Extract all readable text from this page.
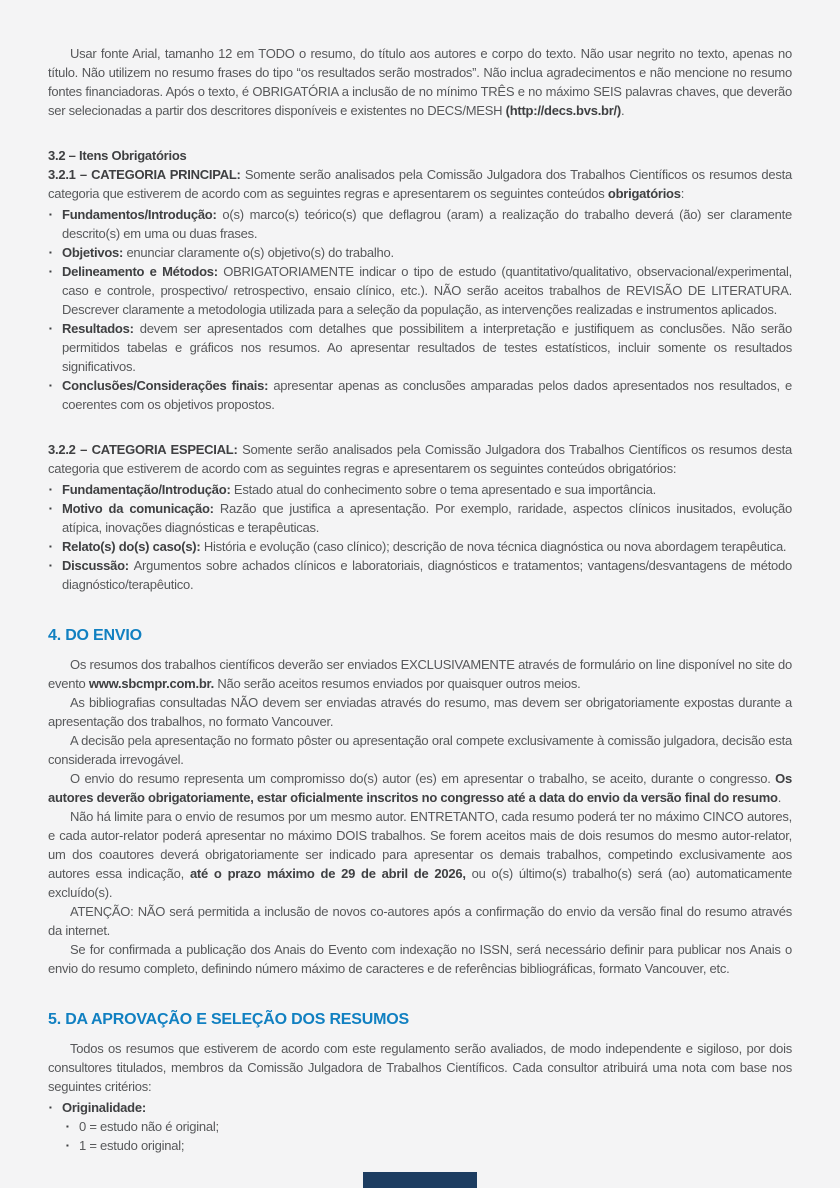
Usar fonte Arial, tamanho 12 em TODO o resumo, do título aos autores e corpo do texto. Não usar negrito no texto, apenas no título. Não utilizem no resumo frases do tipo “os resultados serão mostrados”. Não inclua agradecimentos e não mencione no resumo fontes financiadoras. Após o texto, é OBRIGATÓRIA a inclusão de no mínimo TRÊS e no máximo SEIS palavras chaves, que deverão ser selecionadas a partir dos descritores disponíveis e existentes no DECS/MESH (http://decs.bvs.br/).
3.2 – Itens Obrigatórios
3.2.1 – CATEGORIA PRINCIPAL: Somente serão analisados pela Comissão Julgadora dos Trabalhos Científicos os resumos desta categoria que estiverem de acordo com as seguintes regras e apresentarem os seguintes conteúdos obrigatórios:
▪ Fundamentos/Introdução: o(s) marco(s) teórico(s) que deflagrou (aram) a realização do trabalho deverá (ão) ser claramente descrito(s) em uma ou duas frases.
▪ Objetivos: enunciar claramente o(s) objetivo(s) do trabalho.
▪ Delineamento e Métodos: OBRIGATORIAMENTE indicar o tipo de estudo (quantitativo/qualitativo, observacional/experimental, caso e controle, prospectivo/ retrospectivo, ensaio clínico, etc.). NÃO serão aceitos trabalhos de REVISÃO DE LITERATURA. Descrever claramente a metodologia utilizada para a seleção da população, as intervenções realizadas e instrumentos aplicados.
▪ Resultados: devem ser apresentados com detalhes que possibilitem a interpretação e justifiquem as conclusões. Não serão permitidos tabelas e gráficos nos resumos. Ao apresentar resultados de testes estatísticos, incluir somente os resultados significativos.
▪ Conclusões/Considerações finais: apresentar apenas as conclusões amparadas pelos dados apresentados nos resultados, e coerentes com os objetivos propostos.
3.2.2 – CATEGORIA ESPECIAL: Somente serão analisados pela Comissão Julgadora dos Trabalhos Científicos os resumos desta categoria que estiverem de acordo com as seguintes regras e apresentarem os seguintes conteúdos obrigatórios:
▪ Fundamentação/Introdução: Estado atual do conhecimento sobre o tema apresentado e sua importância.
▪ Motivo da comunicação: Razão que justifica a apresentação. Por exemplo, raridade, aspectos clínicos inusitados, evolução atípica, inovações diagnósticas e terapêuticas.
▪ Relato(s) do(s) caso(s): História e evolução (caso clínico); descrição de nova técnica diagnóstica ou nova abordagem terapêutica.
▪ Discussão: Argumentos sobre achados clínicos e laboratoriais, diagnósticos e tratamentos; vantagens/desvantagens de método diagnóstico/terapêutico.
4. DO ENVIO
Os resumos dos trabalhos científicos deverão ser enviados EXCLUSIVAMENTE através de formulário on line disponível no site do evento www.sbcmpr.com.br. Não serão aceitos resumos enviados por quaisquer outros meios.
As bibliografias consultadas NÃO devem ser enviadas através do resumo, mas devem ser obrigatoriamente expostas durante a apresentação dos trabalhos, no formato Vancouver.
A decisão pela apresentação no formato pôster ou apresentação oral compete exclusivamente à comissão julgadora, decisão esta considerada irrevogável.
O envio do resumo representa um compromisso do(s) autor (es) em apresentar o trabalho, se aceito, durante o congresso. Os autores deverão obrigatoriamente, estar oficialmente inscritos no congresso até a data do envio da versão final do resumo.
Não há limite para o envio de resumos por um mesmo autor. ENTRETANTO, cada resumo poderá ter no máximo CINCO autores, e cada autor-relator poderá apresentar no máximo DOIS trabalhos. Se forem aceitos mais de dois resumos do mesmo autor-relator, um dos coautores deverá obrigatoriamente ser indicado para apresentar os demais trabalhos, competindo exclusivamente aos autores essa indicação, até o prazo máximo de 29 de abril de 2026, ou o(s) último(s) trabalho(s) será (ao) automaticamente excluído(s).
ATENÇÃO: NÃO será permitida a inclusão de novos co-autores após a confirmação do envio da versão final do resumo através da internet.
Se for confirmada a publicação dos Anais do Evento com indexação no ISSN, será necessário definir para publicar nos Anais o envio do resumo completo, definindo número máximo de caracteres e de referências bibliográficas, formato Vancouver, etc.
5. DA APROVAÇÃO E SELEÇÃO DOS RESUMOS
Todos os resumos que estiverem de acordo com este regulamento serão avaliados, de modo independente e sigiloso, por dois consultores titulados, membros da Comissão Julgadora de Trabalhos Científicos. Cada consultor atribuirá uma nota com base nos seguintes critérios:
▪ Originalidade:
▪ 0 = estudo não é original;
▪ 1 = estudo original;
